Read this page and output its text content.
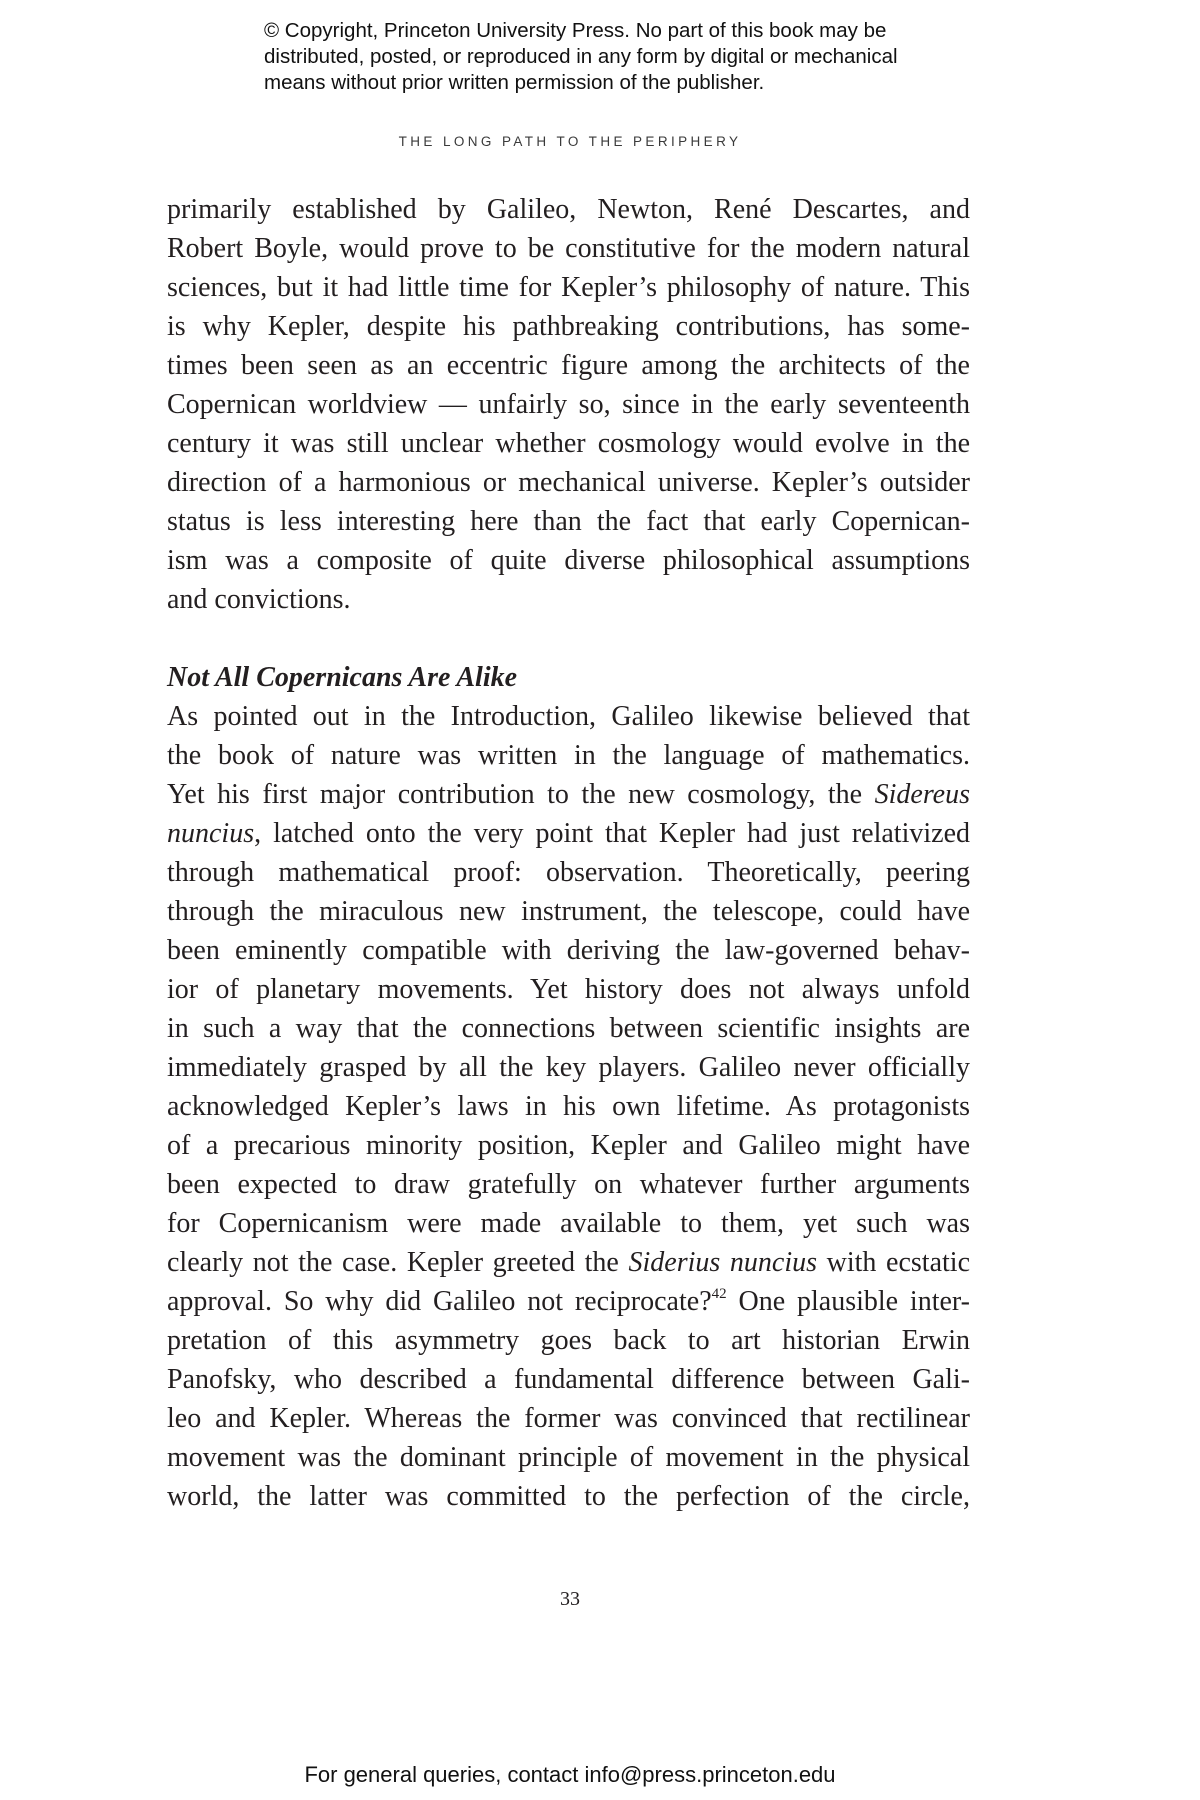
© Copyright, Princeton University Press. No part of this book may be
distributed, posted, or reproduced in any form by digital or mechanical
means without prior written permission of the publisher.
THE LONG PATH TO THE PERIPHERY
primarily established by Galileo, Newton, René Descartes, and
Robert Boyle, would prove to be constitutive for the modern natural
sciences, but it had little time for Kepler’s philosophy of nature. This
is why Kepler, despite his pathbreaking contributions, has some-
times been seen as an eccentric figure among the architects of the
Copernican worldview — unfairly so, since in the early seventeenth
century it was still unclear whether cosmology would evolve in the
direction of a harmonious or mechanical universe. Kepler’s outsider
status is less interesting here than the fact that early Copernican-
ism was a composite of quite diverse philosophical assumptions
and convictions.
Not All Copernicans Are Alike
As pointed out in the Introduction, Galileo likewise believed that
the book of nature was written in the language of mathematics.
Yet his first major contribution to the new cosmology, the Sidereus
nuncius, latched onto the very point that Kepler had just relativized
through mathematical proof: observation. Theoretically, peering
through the miraculous new instrument, the telescope, could have
been eminently compatible with deriving the law-governed behav-
ior of planetary movements. Yet history does not always unfold
in such a way that the connections between scientific insights are
immediately grasped by all the key players. Galileo never officially
acknowledged Kepler’s laws in his own lifetime. As protagonists
of a precarious minority position, Kepler and Galileo might have
been expected to draw gratefully on whatever further arguments
for Copernicanism were made available to them, yet such was
clearly not the case. Kepler greeted the Siderius nuncius with ecstatic
approval. So why did Galileo not reciprocate?$^{42}$ One plausible inter-
pretation of this asymmetry goes back to art historian Erwin
Panofsky, who described a fundamental difference between Gali-
leo and Kepler. Whereas the former was convinced that rectilinear
movement was the dominant principle of movement in the physical
world, the latter was committed to the perfection of the circle,
33
For general queries, contact info@press.princeton.edu
